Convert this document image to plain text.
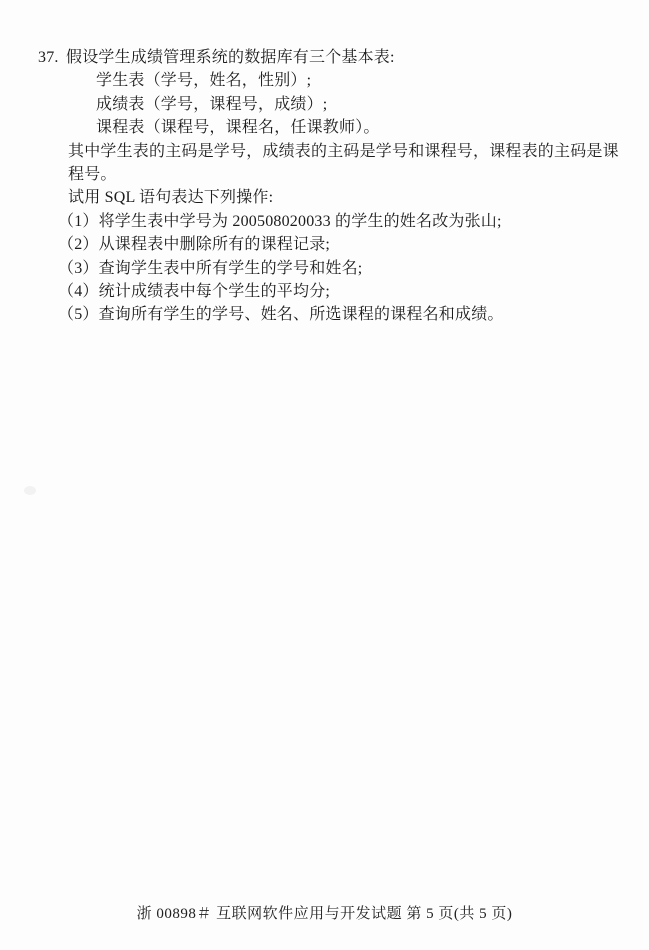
37. 假设学生成绩管理系统的数据库有三个基本表:
学生表（学号，姓名，性别）;
成绩表（学号，课程号，成绩）;
课程表（课程号，课程名，任课教师）。
其中学生表的主码是学号，成绩表的主码是学号和课程号，课程表的主码是课程号。
试用 SQL 语句表达下列操作:
（1）将学生表中学号为 200508020033 的学生的姓名改为张山;
（2）从课程表中删除所有的课程记录;
（3）查询学生表中所有学生的学号和姓名;
（4）统计成绩表中每个学生的平均分;
（5）查询所有学生的学号、姓名、所选课程的课程名和成绩。
浙 00898＃ 互联网软件应用与开发试题 第 5 页(共 5 页)
